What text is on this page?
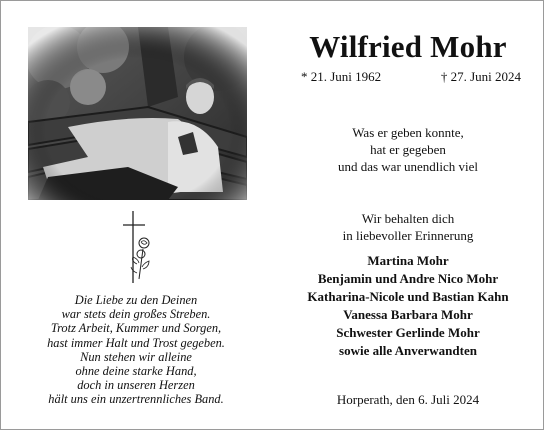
Wilfried Mohr
* 21. Juni 1962	† 27. Juni 2024
Was er geben konnte,
hat er gegeben
und das war unendlich viel
Wir behalten dich
in liebevoller Erinnerung
Martina Mohr
Benjamin und Andre Nico Mohr
Katharina-Nicole und Bastian Kahn
Vanessa Barbara Mohr
Schwester Gerlinde Mohr
sowie alle Anverwandten
Horperath, den 6. Juli 2024
Die Liebe zu den Deinen
war stets dein großes Streben.
Trotz Arbeit, Kummer und Sorgen,
hast immer Halt und Trost gegeben.
Nun stehen wir alleine
ohne deine starke Hand,
doch in unseren Herzen
hält uns ein unzertrennliches Band.
